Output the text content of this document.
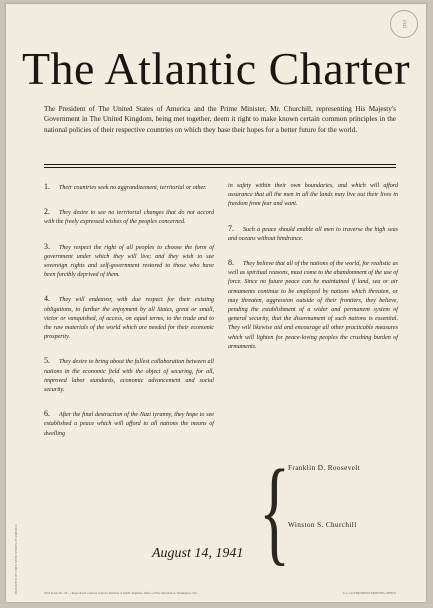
1941
The Atlantic Charter
The President of The United States of America and the Prime Minister, Mr. Churchill, representing His Majesty's Government in The United Kingdom, being met together, deem it right to make known certain common principles in the national policies of their respective countries on which they base their hopes for a better future for the world.

1. Their countries seek no aggrandizement, territorial or other.

2. They desire to see no territorial changes that do not accord with the freely expressed wishes of the peoples concerned.

3. They respect the right of all peoples to choose the form of government under which they will live; and they wish to see sovereign rights and self-government restored to those who have been forcibly deprived of them.

4. They will endeavor, with due respect for their existing obligations, to further the enjoyment by all States, great or small, victor or vanquished, of access, on equal terms, to the trade and to the raw materials of the world which are needed for their economic prosperity.

5. They desire to bring about the fullest collaboration between all nations in the economic field with the object of securing, for all, improved labor standards, economic advancement and social security.

6. After the final destruction of the Nazi tyranny, they hope to see established a peace which will afford to all nations the means of dwelling

in safety within their own boundaries, and which will afford assurance that all the men in all the lands may live out their lives in freedom from fear and want.

7. Such a peace should enable all men to traverse the high seas and oceans without hindrance.

8. They believe that all of the nations of the world, for realistic as well as spiritual reasons, must come to the abandonment of the use of force. Since no future peace can be maintained if land, sea or air armaments continue to be employed by nations which threaten, or may threaten, aggression outside of their frontiers, they believe, pending the establishment of a wider and permanent system of general security, that the disarmament of such nations is essential. They will likewise aid and encourage all other practicable measures which will lighten for peace-loving peoples the crushing burden of armaments.

{
Franklin D. Roosevelt
Winston S. Churchill
August 14, 1941
DEPOSITED BY THE UNITED STATES OF AMERICA	OWI Poster No. 18 — Reproduced courtesy from the Division of Public Inquiries, Office of War Information, Washington, D.C.	U.S. GOVERNMENT PRINTING OFFICE
